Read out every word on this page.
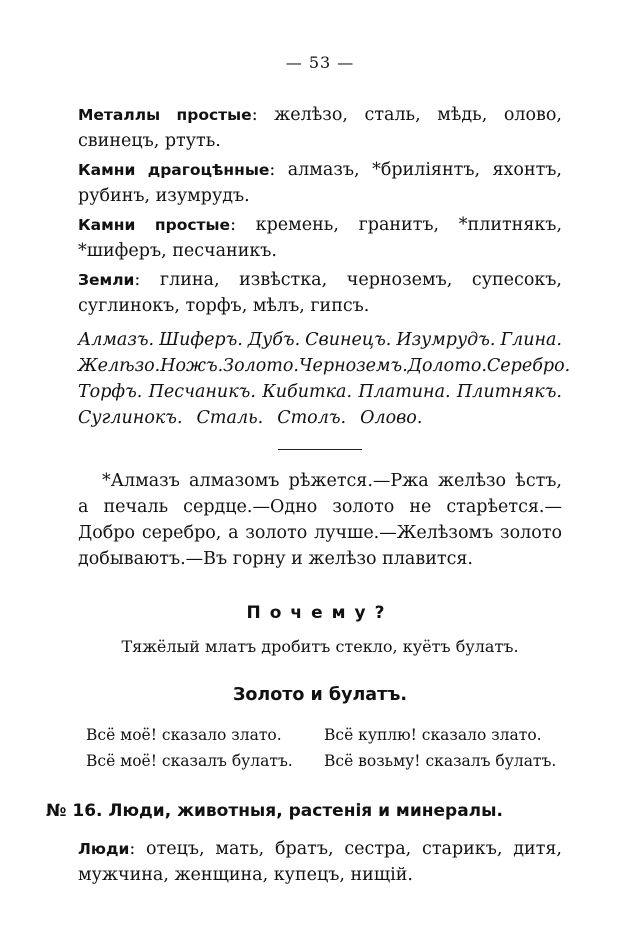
— 53 —

Металлы простые: желѣзо, сталь, мѣдь, олово, свинецъ, ртуть.

Камни драгоцѣнные: алмазъ, *бриліянтъ, яхонтъ, рубинъ, изумрудъ.

Камни простые: кремень, гранитъ, *плитнякъ, *шиферъ, песчаникъ.

Земли: глина, извѣстка, черноземъ, супесокъ, суглинокъ, торфъ, мѣлъ, гипсъ.

Алмазъ. Шиферъ. Дубъ. Свинецъ. Изумрудъ. Глина.
Желѣзо. Ножъ. Золото. Черноземъ. Долото. Серебро.
Торфъ. Песчаникъ. Кибитка. Платина. Плитнякъ.
Суглинокъ. Сталь. Столъ. Олово.

*Алмазъ алмазомъ рѣжется.—Ржа желѣзо ѣстъ, а печаль сердце.—Одно золото не старѣется.—Добро серебро, а золото лучше.—Желѣзомъ золото добываютъ.—Въ горну и желѣзо плавится.

Почему?
Тяжёлый млатъ дробитъ стекло, куётъ булатъ.
Золото и булатъ.
Всё моё! сказало злато.	Всё куплю! сказало злато.
Всё моё! сказалъ булатъ.	Всё возьму! сказалъ булатъ.
№ 16. Люди, животныя, растенія и минералы.

Люди: отецъ, мать, братъ, сестра, старикъ, дитя, мужчина, женщина, купецъ, нищій.
